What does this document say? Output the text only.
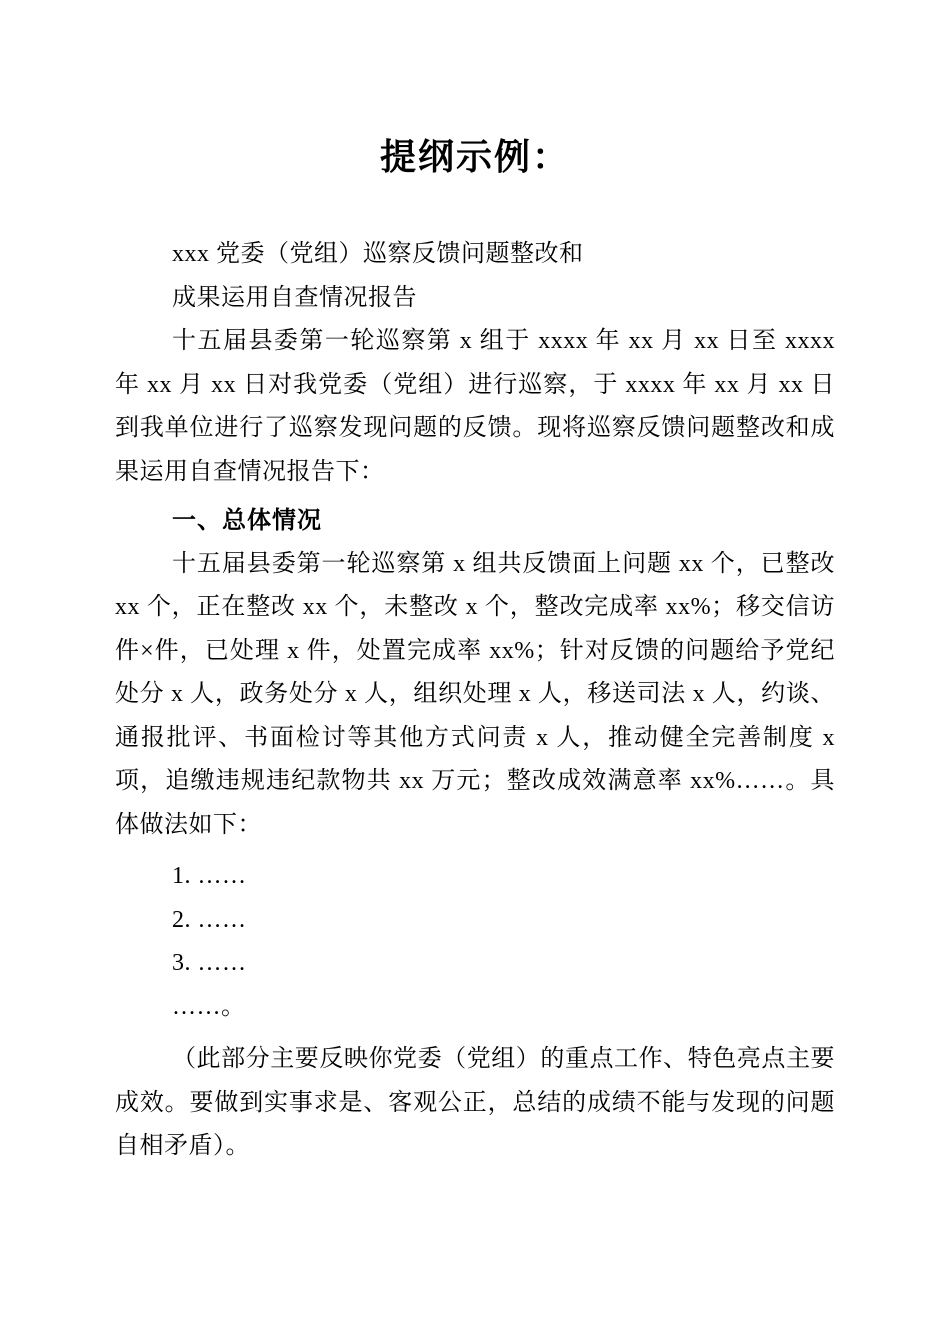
提纲示例：

xxx 党委（党组）巡察反馈问题整改和

成果运用自查情况报告

十五届县委第一轮巡察第 x 组于 xxxx 年 xx 月 xx 日至 xxxx 年 xx 月 xx 日对我党委（党组）进行巡察，于 xxxx 年 xx 月 xx 日到我单位进行了巡察发现问题的反馈。现将巡察反馈问题整改和成果运用自查情况报告下：

一、总体情况

十五届县委第一轮巡察第 x 组共反馈面上问题 xx 个，已整改 xx 个，正在整改 xx 个，未整改 x 个，整改完成率 xx%；移交信访件×件，已处理 x 件，处置完成率 xx%；针对反馈的问题给予党纪处分 x 人，政务处分 x 人，组织处理 x 人，移送司法 x 人，约谈、通报批评、书面检讨等其他方式问责 x 人，推动健全完善制度 x 项，追缴违规违纪款物共 xx 万元；整改成效满意率 xx%……。具体做法如下：

1. ……

2. ……

3. ……

……。

（此部分主要反映你党委（党组）的重点工作、特色亮点主要成效。要做到实事求是、客观公正，总结的成绩不能与发现的问题自相矛盾）。
